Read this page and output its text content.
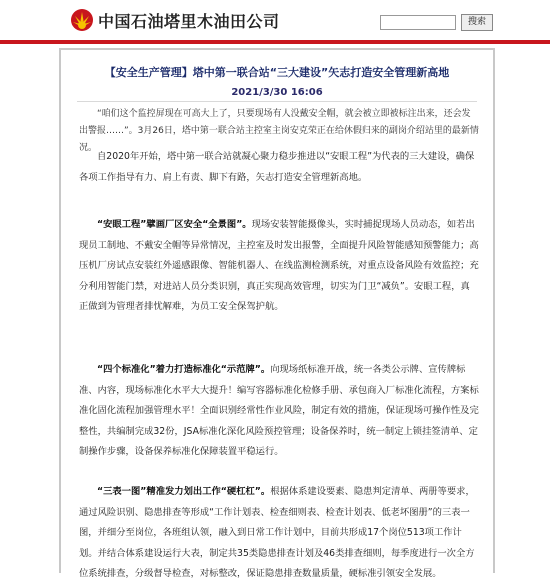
中国石油塔里木油田公司	搜索
【安全生产管理】塔中第一联合站“三大建设”矢志打造安全管理新高地
2021/3/30 16:06
“咱们这个监控屏现在可高大上了，只要现场有人没戴安全帽，就会被立即被标注出来，还会发出警报……”。3月26日，塔中第一联合站主控室主岗安克荣正在给休假归来的副岗介绍站里的最新情况。
自2020年开始，塔中第一联合站就凝心聚力稳步推进以“安眼工程”为代表的三大建设，确保各项工作指导有力、肩上有责、脚下有路，矢志打造安全管理新高地。
“安眼工程”擘画厂区安全“全景图”。现场安装智能摄像头，实时捕捉现场人员动态，如若出现员工制地、不戴安全帽等异常情况，主控室及时发出报警，全面提升风险智能感知预警能力；高压机厂房试点安装红外遥感跟像、智能机器人、在线监测检测系统，对重点设备风险有效监控；充分利用智能门禁，对进站人员分类识别，真正实现高效管理，切实为门卫“减负”。安眼工程，真正做到为管理者排忧解难，为员工安全保驾护航。
“四个标准化”着力打造标准化“示范牌”。向现场纸标准开战，统一各类公示牌、宣传牌标准、内容，现场标准化水平大大提升！编写容器标准化检修手册、承包商入厂标准化流程，方案标准化固化流程加强管理水平！全面识别经常性作业风险，制定有效的措施，保证现场可操作性及完整性，共编制完成32份，JSA标准化深化风险预控管理；设备保养时，统一制定上锁挂签清单、定制操作步骤，设备保养标准化保障装置平稳运行。
“三表一图”精准发力划出工作“硬杠杠”。根据体系建设要素、隐患判定清单、两册等要求，通过风险识别、隐患排查等形成“工作计划表、检查细则表、检查计划表、低老坏图册”的三表一图，并细分至岗位，各班组认领，融入到日常工作计划中，目前共形成17个岗位513项工作计划。并结合体系建设运行大表，制定共35类隐患排查计划及46类排查细则，每季度进行一次全方位系统排查，分级督导检查，对标整改，保证隐患排查数量质量，硬标准引领安全发展。
